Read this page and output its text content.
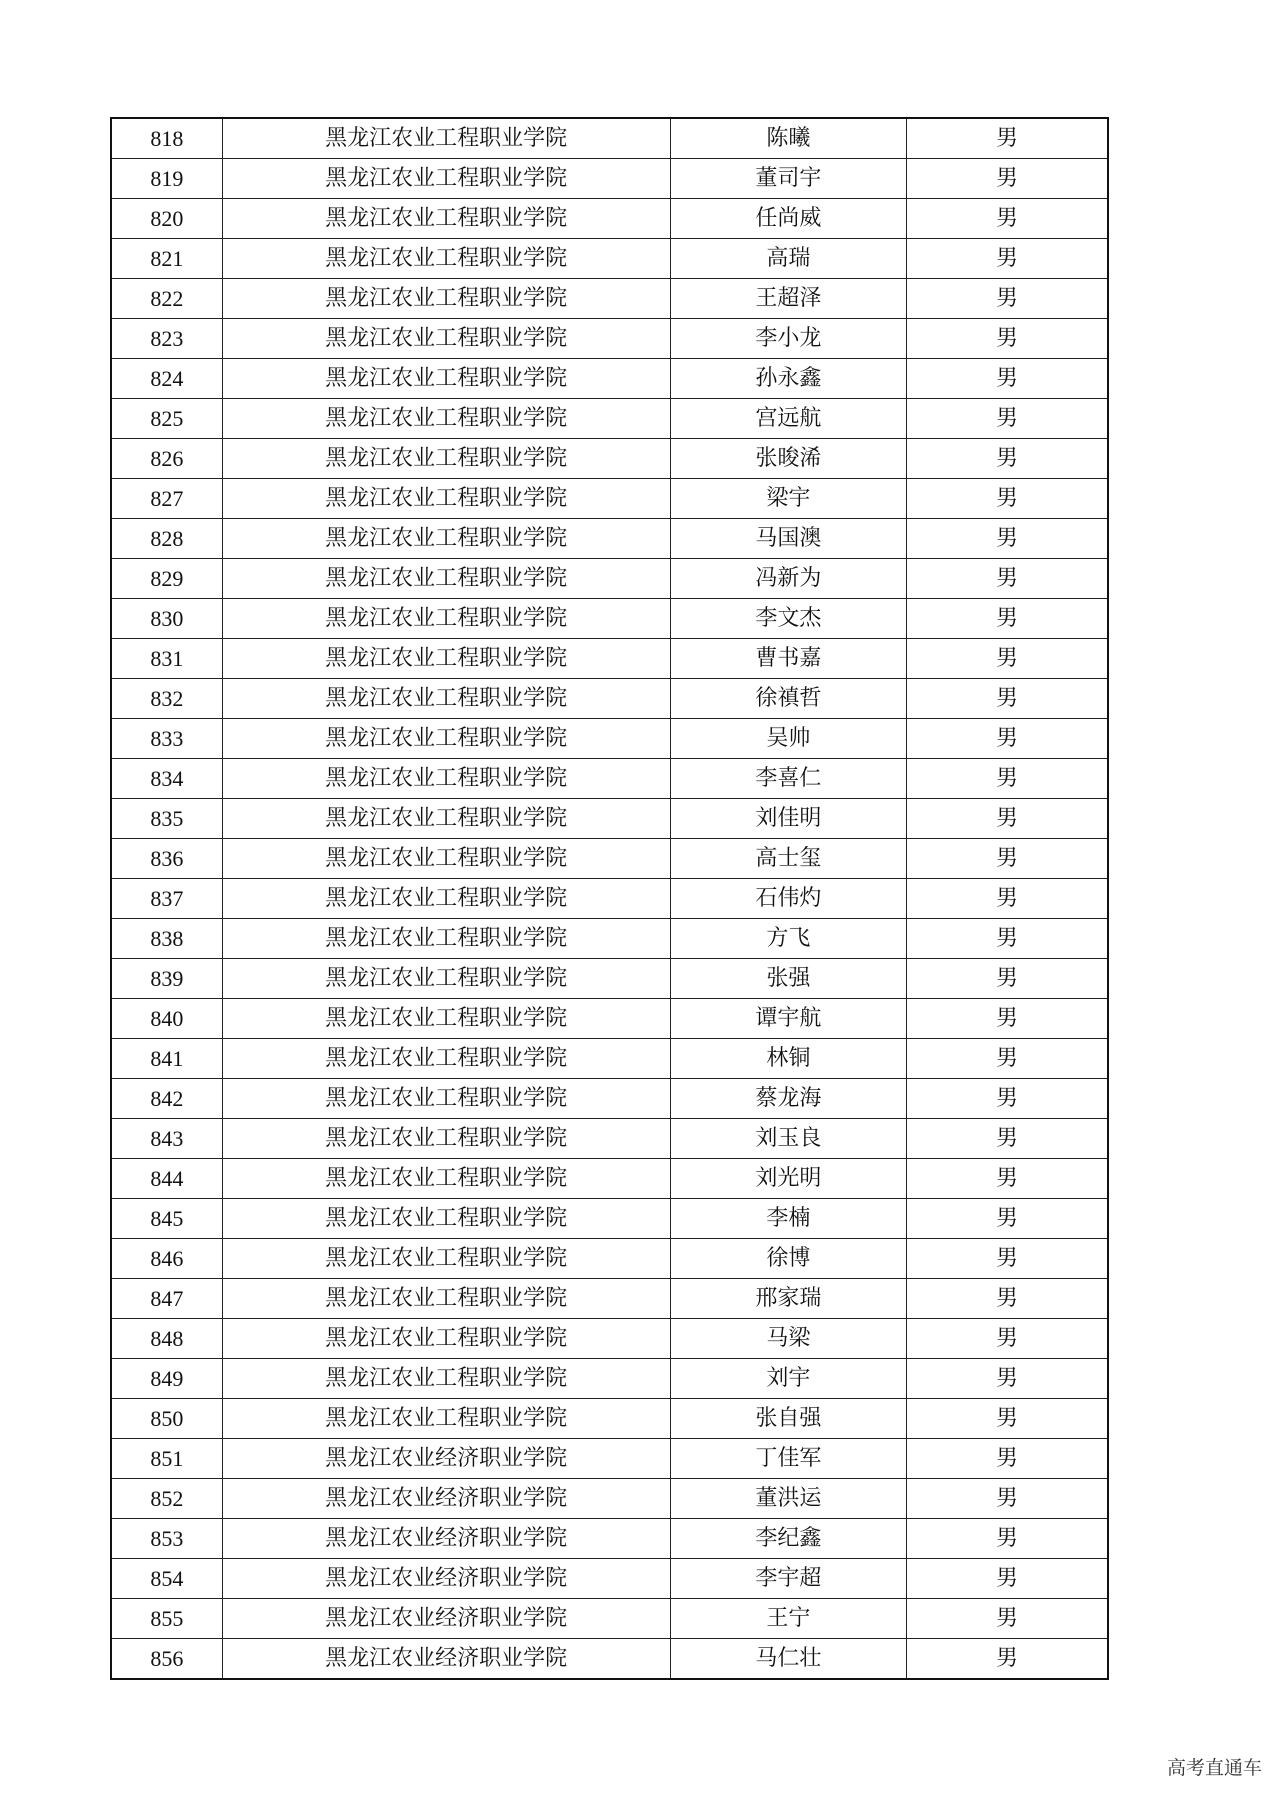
818	黑龙江农业工程职业学院	陈曦	男
819	黑龙江农业工程职业学院	董司宇	男
820	黑龙江农业工程职业学院	任尚威	男
821	黑龙江农业工程职业学院	高瑞	男
822	黑龙江农业工程职业学院	王超泽	男
823	黑龙江农业工程职业学院	李小龙	男
824	黑龙江农业工程职业学院	孙永鑫	男
825	黑龙江农业工程职业学院	宫远航	男
826	黑龙江农业工程职业学院	张晙浠	男
827	黑龙江农业工程职业学院	梁宇	男
828	黑龙江农业工程职业学院	马国澳	男
829	黑龙江农业工程职业学院	冯新为	男
830	黑龙江农业工程职业学院	李文杰	男
831	黑龙江农业工程职业学院	曹书嘉	男
832	黑龙江农业工程职业学院	徐禛哲	男
833	黑龙江农业工程职业学院	吴帅	男
834	黑龙江农业工程职业学院	李喜仁	男
835	黑龙江农业工程职业学院	刘佳明	男
836	黑龙江农业工程职业学院	高士玺	男
837	黑龙江农业工程职业学院	石伟灼	男
838	黑龙江农业工程职业学院	方飞	男
839	黑龙江农业工程职业学院	张强	男
840	黑龙江农业工程职业学院	谭宇航	男
841	黑龙江农业工程职业学院	林铜	男
842	黑龙江农业工程职业学院	蔡龙海	男
843	黑龙江农业工程职业学院	刘玉良	男
844	黑龙江农业工程职业学院	刘光明	男
845	黑龙江农业工程职业学院	李楠	男
846	黑龙江农业工程职业学院	徐博	男
847	黑龙江农业工程职业学院	邢家瑞	男
848	黑龙江农业工程职业学院	马梁	男
849	黑龙江农业工程职业学院	刘宇	男
850	黑龙江农业工程职业学院	张自强	男
851	黑龙江农业经济职业学院	丁佳军	男
852	黑龙江农业经济职业学院	董洪运	男
853	黑龙江农业经济职业学院	李纪鑫	男
854	黑龙江农业经济职业学院	李宇超	男
855	黑龙江农业经济职业学院	王宁	男
856	黑龙江农业经济职业学院	马仁壮	男
高考直通车
